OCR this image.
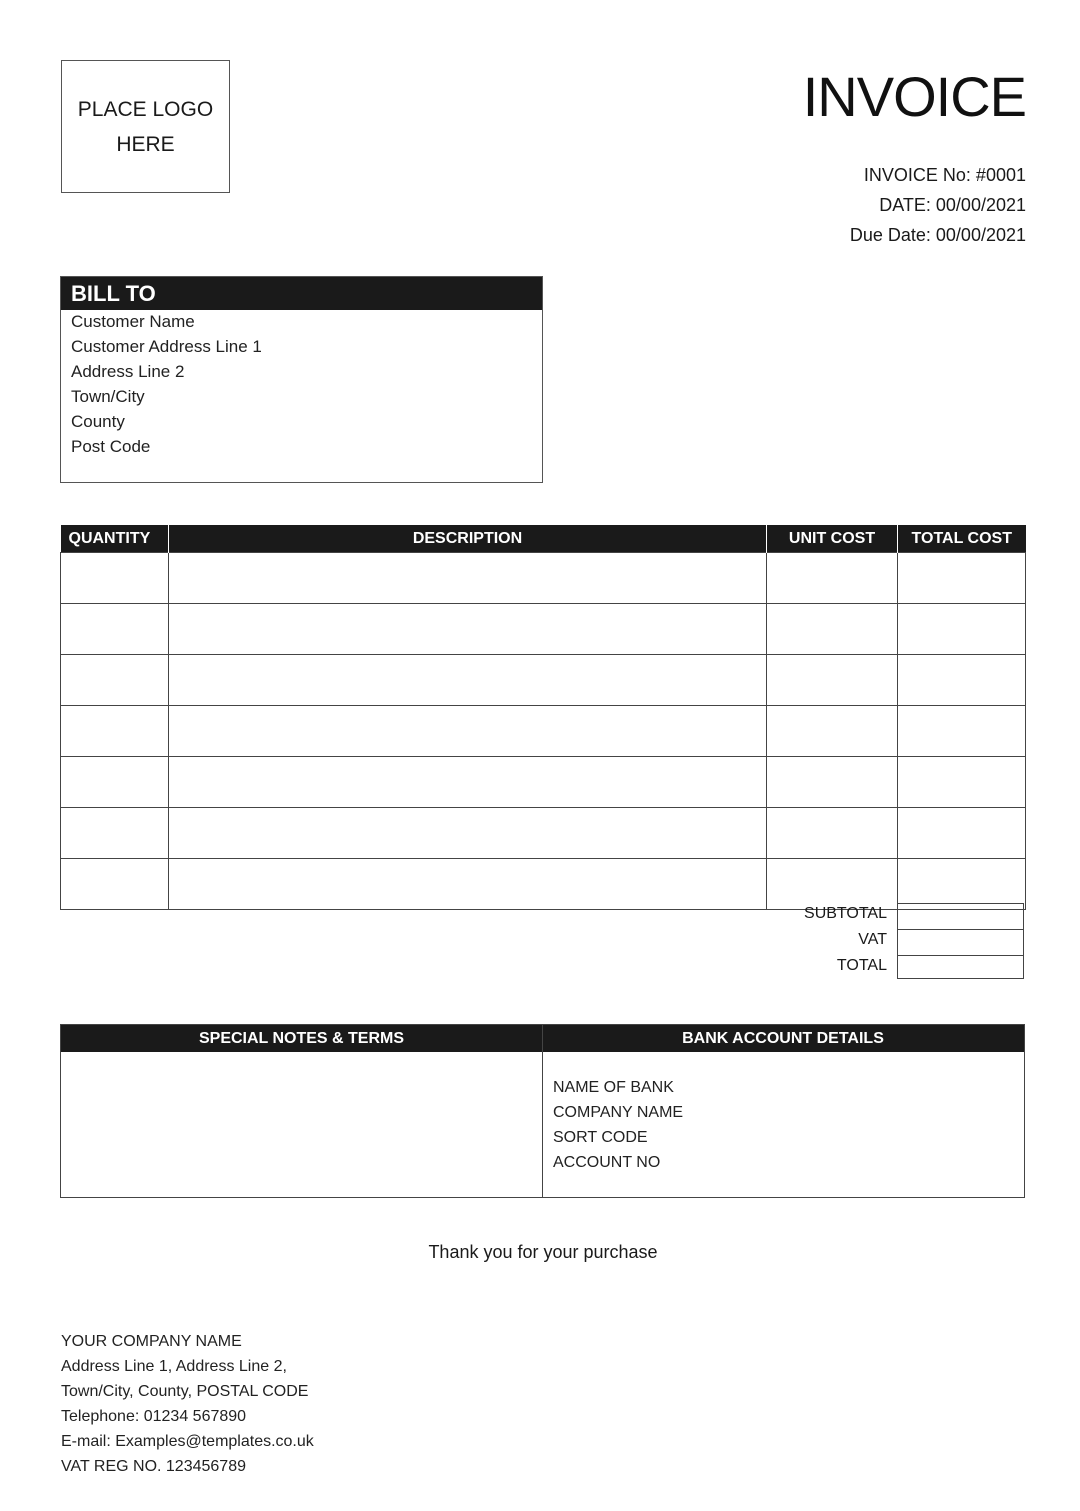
PLACE LOGO
HERE
INVOICE
INVOICE No: #0001
DATE: 00/00/2021
Due Date: 00/00/2021
BILL TO
Customer Name
Customer Address Line 1
Address Line 2
Town/City
County
Post Code
QUANTITY	DESCRIPTION	UNIT COST	TOTAL COST

SUBTOTAL
VAT
TOTAL
SPECIAL NOTES & TERMS	BANK ACCOUNT DETAILS
NAME OF BANK
COMPANY NAME
SORT CODE
ACCOUNT NO
Thank you for your purchase
YOUR COMPANY NAME
Address Line 1, Address Line 2,
Town/City, County, POSTAL CODE
Telephone: 01234 567890
E-mail: Examples@templates.co.uk
VAT REG NO. 123456789
